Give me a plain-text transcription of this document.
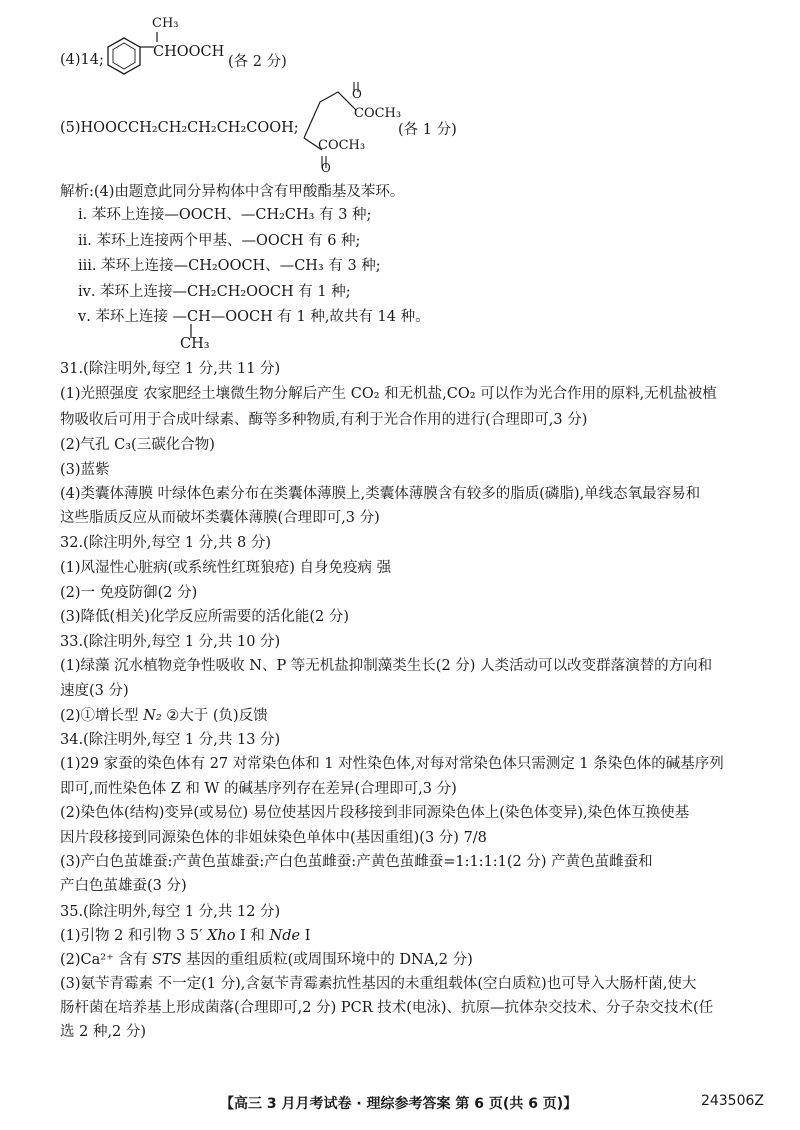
CH₃
(4)14;	CHOOCH
(各 2 分)
(5)HOOCCH₂CH₂CH₂CH₂COOH;
O
COCH₃
COCH₃
O
(各 1 分)
解析:(4)由题意此同分异构体中含有甲酸酯基及苯环。
ⅰ. 苯环上连接—OOCH、—CH₂CH₃ 有 3 种;
ⅱ. 苯环上连接两个甲基、—OOCH 有 6 种;
ⅲ. 苯环上连接—CH₂OOCH、—CH₃ 有 3 种;
ⅳ. 苯环上连接—CH₂CH₂OOCH 有 1 种;
ⅴ. 苯环上连接 —CH—OOCH 有 1 种,故共有 14 种。
CH₃
31.(除注明外,每空 1 分,共 11 分)
(1)光照强度 农家肥经土壤微生物分解后产生 CO₂ 和无机盐,CO₂ 可以作为光合作用的原料,无机盐被植
物吸收后可用于合成叶绿素、酶等多种物质,有利于光合作用的进行(合理即可,3 分)
(2)气孔 C₃(三碳化合物)
(3)蓝紫
(4)类囊体薄膜 叶绿体色素分布在类囊体薄膜上,类囊体薄膜含有较多的脂质(磷脂),单线态氧最容易和
这些脂质反应从而破坏类囊体薄膜(合理即可,3 分)
32.(除注明外,每空 1 分,共 8 分)
(1)风湿性心脏病(或系统性红斑狼疮) 自身免疫病 强
(2)一 免疫防御(2 分)
(3)降低(相关)化学反应所需要的活化能(2 分)
33.(除注明外,每空 1 分,共 10 分)
(1)绿藻 沉水植物竞争性吸收 N、P 等无机盐抑制藻类生长(2 分) 人类活动可以改变群落演替的方向和
速度(3 分)
(2)①增长型 N₂ ②大于 (负)反馈
34.(除注明外,每空 1 分,共 13 分)
(1)29 家蚕的染色体有 27 对常染色体和 1 对性染色体,对每对常染色体只需测定 1 条染色体的碱基序列
即可,而性染色体 Z 和 W 的碱基序列存在差异(合理即可,3 分)
(2)染色体(结构)变异(或易位) 易位使基因片段移接到非同源染色体上(染色体变异),染色体互换使基
因片段移接到同源染色体的非姐妹染色单体中(基因重组)(3 分) 7/8
(3)产白色茧雄蚕:产黄色茧雄蚕:产白色茧雌蚕:产黄色茧雌蚕=1:1:1:1(2 分) 产黄色茧雌蚕和
产白色茧雄蚕(3 分)
35.(除注明外,每空 1 分,共 12 分)
(1)引物 2 和引物 3 5′ Xho Ⅰ 和 Nde Ⅰ
(2)Ca²⁺ 含有 STS 基因的重组质粒(或周围环境中的 DNA,2 分)
(3)氨苄青霉素 不一定(1 分),含氨苄青霉素抗性基因的未重组载体(空白质粒)也可导入大肠杆菌,使大
肠杆菌在培养基上形成菌落(合理即可,2 分) PCR 技术(电泳)、抗原—抗体杂交技术、分子杂交技术(任
选 2 种,2 分)
【高三 3 月月考试卷 · 理综参考答案 第 6 页(共 6 页)】	243506Z
